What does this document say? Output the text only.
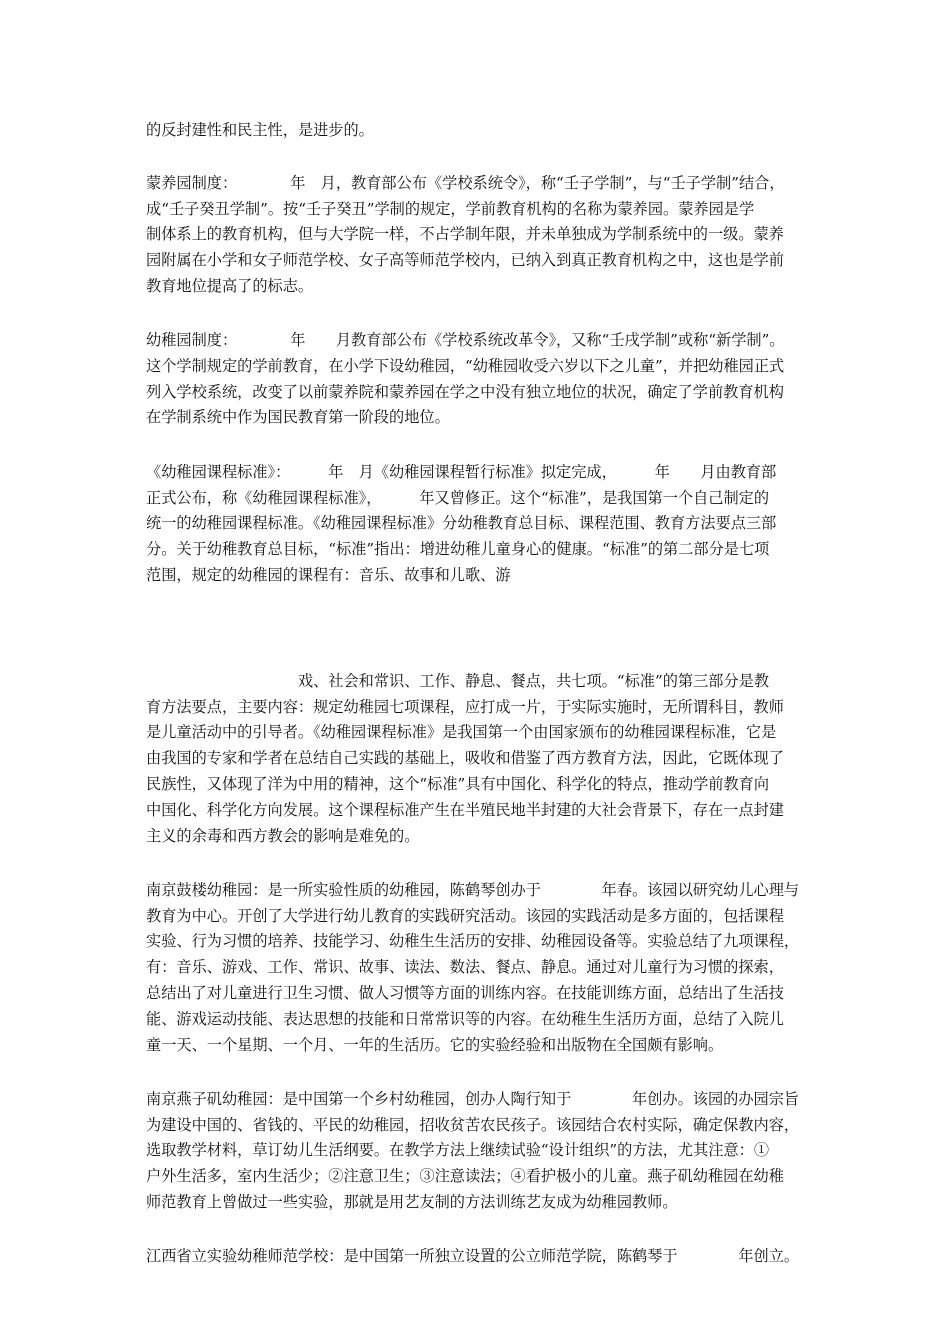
的反封建性和民主性，是进步的。
蒙养园制度：　　　　年　月，教育部公布《学校系统令》，称“壬子学制”，与“壬子学制”结合，
成“壬子癸丑学制”。按“壬子癸丑”学制的规定，学前教育机构的名称为蒙养园。蒙养园是学
制体系上的教育机构，但与大学院一样，不占学制年限，并未单独成为学制系统中的一级。蒙养
园附属在小学和女子师范学校、女子高等师范学校内，已纳入到真正教育机构之中，这也是学前
教育地位提高了的标志。
幼稚园制度：　　　　年　　月教育部公布《学校系统改革令》，又称“壬戌学制”或称“新学制”。
这个学制规定的学前教育，在小学下设幼稚园，“幼稚园收受六岁以下之儿童”，并把幼稚园正式
列入学校系统，改变了以前蒙养院和蒙养园在学之中没有独立地位的状况，确定了学前教育机构
在学制系统中作为国民教育第一阶段的地位。
《幼稚园课程标准》：　　　年　月《幼稚园课程暂行标准》拟定完成，　　　年　　月由教育部
正式公布，称《幼稚园课程标准》，　　　年又曾修正。这个“标准”，是我国第一个自己制定的
统一的幼稚园课程标准。《幼稚园课程标准》分幼稚教育总目标、课程范围、教育方法要点三部
分。关于幼稚教育总目标，“标准”指出：增进幼稚儿童身心的健康。“标准”的第二部分是七项
范围，规定的幼稚园的课程有：音乐、故事和儿歌、游
　　　　　　　　　　戏、社会和常识、工作、静息、餐点，共七项。“标准”的第三部分是教
育方法要点，主要内容：规定幼稚园七项课程，应打成一片，于实际实施时，无所谓科目，教师
是儿童活动中的引导者。《幼稚园课程标准》是我国第一个由国家颁布的幼稚园课程标准，它是
由我国的专家和学者在总结自己实践的基础上，吸收和借鉴了西方教育方法，因此，它既体现了
民族性，又体现了洋为中用的精神，这个“标准”具有中国化、科学化的特点，推动学前教育向
中国化、科学化方向发展。这个课程标准产生在半殖民地半封建的大社会背景下，存在一点封建
主义的余毒和西方教会的影响是难免的。
南京鼓楼幼稚园：是一所实验性质的幼稚园，陈鹤琴创办于　　　　年春。该园以研究幼儿心理与
教育为中心。开创了大学进行幼儿教育的实践研究活动。该园的实践活动是多方面的，包括课程
实验、行为习惯的培养、技能学习、幼稚生生活历的安排、幼稚园设备等。实验总结了九项课程，
有：音乐、游戏、工作、常识、故事、读法、数法、餐点、静息。通过对儿童行为习惯的探索，
总结出了对儿童进行卫生习惯、做人习惯等方面的训练内容。在技能训练方面，总结出了生活技
能、游戏运动技能、表达思想的技能和日常常识等的内容。在幼稚生生活历方面，总结了入院儿
童一天、一个星期、一个月、一年的生活历。它的实验经验和出版物在全国颇有影响。
南京燕子矶幼稚园：是中国第一个乡村幼稚园，创办人陶行知于　　　　年创办。该园的办园宗旨
为建设中国的、省钱的、平民的幼稚园，招收贫苦农民孩子。该园结合农村实际，确定保教内容，
选取教学材料，草订幼儿生活纲要。在教学方法上继续试验“设计组织”的方法，尤其注意：①
户外生活多，室内生活少；②注意卫生；③注意读法；④看护极小的儿童。燕子矶幼稚园在幼稚
师范教育上曾做过一些实验，那就是用艺友制的方法训练艺友成为幼稚园教师。
江西省立实验幼稚师范学校：是中国第一所独立设置的公立师范学院，陈鹤琴于　　　　年创立。
